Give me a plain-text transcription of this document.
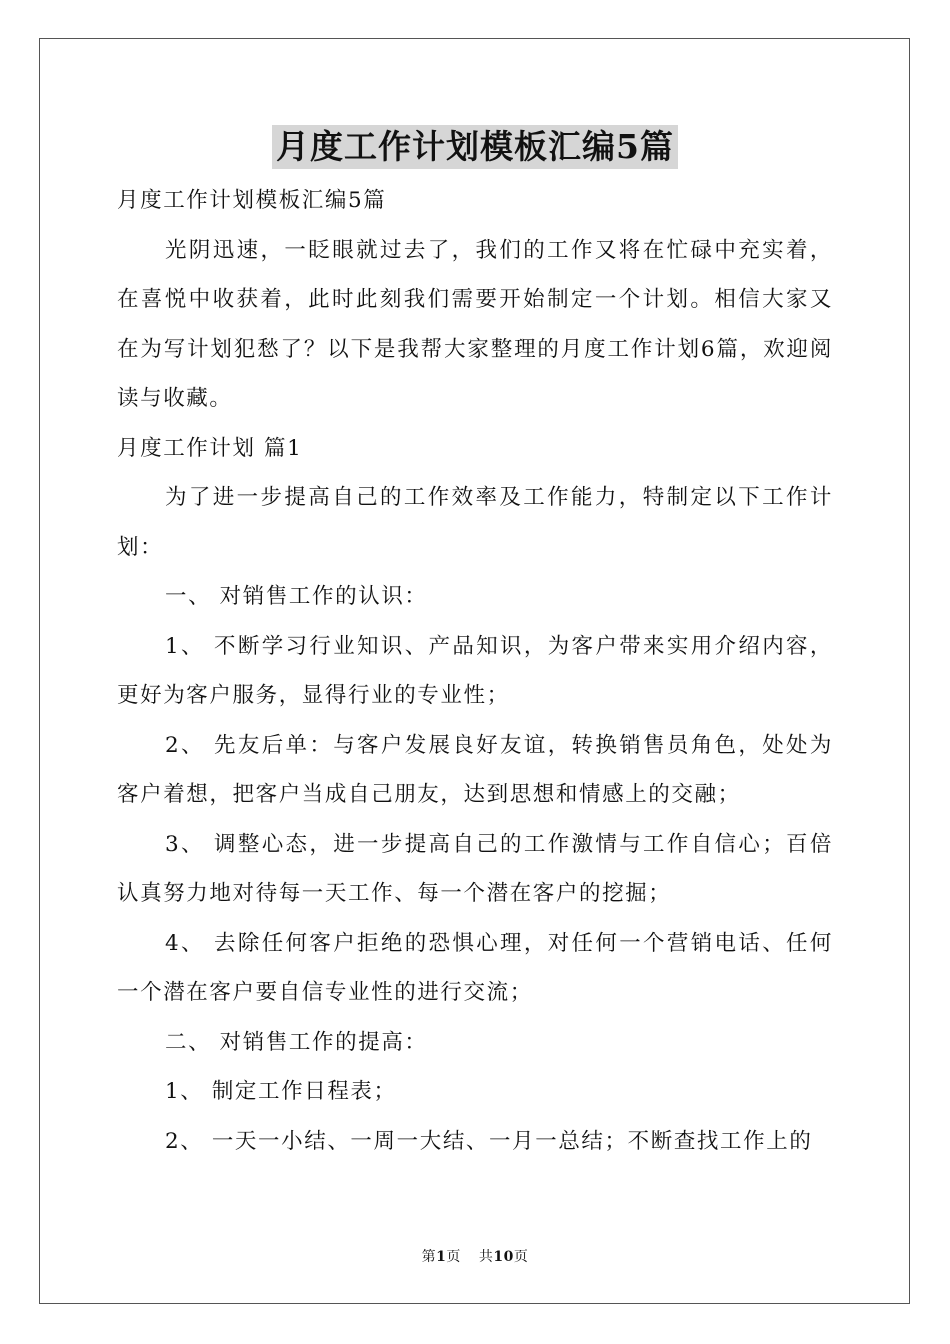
月度工作计划模板汇编5篇

月度工作计划模板汇编5篇

光阴迅速，一眨眼就过去了，我们的工作又将在忙碌中充实着，在喜悦中收获着，此时此刻我们需要开始制定一个计划。相信大家又在为写计划犯愁了？以下是我帮大家整理的月度工作计划6篇，欢迎阅读与收藏。

月度工作计划 篇1

为了进一步提高自己的工作效率及工作能力，特制定以下工作计划：

一、 对销售工作的认识：

1、 不断学习行业知识、产品知识，为客户带来实用介绍内容，更好为客户服务，显得行业的专业性；

2、 先友后单：与客户发展良好友谊，转换销售员角色，处处为客户着想，把客户当成自己朋友，达到思想和情感上的交融；

3、 调整心态，进一步提高自己的工作激情与工作自信心；百倍认真努力地对待每一天工作、每一个潜在客户的挖掘；

4、 去除任何客户拒绝的恐惧心理，对任何一个营销电话、任何一个潜在客户要自信专业性的进行交流；

二、 对销售工作的提高：

1、 制定工作日程表；

2、 一天一小结、一周一大结、一月一总结；不断查找工作上的

第1页 共10页
